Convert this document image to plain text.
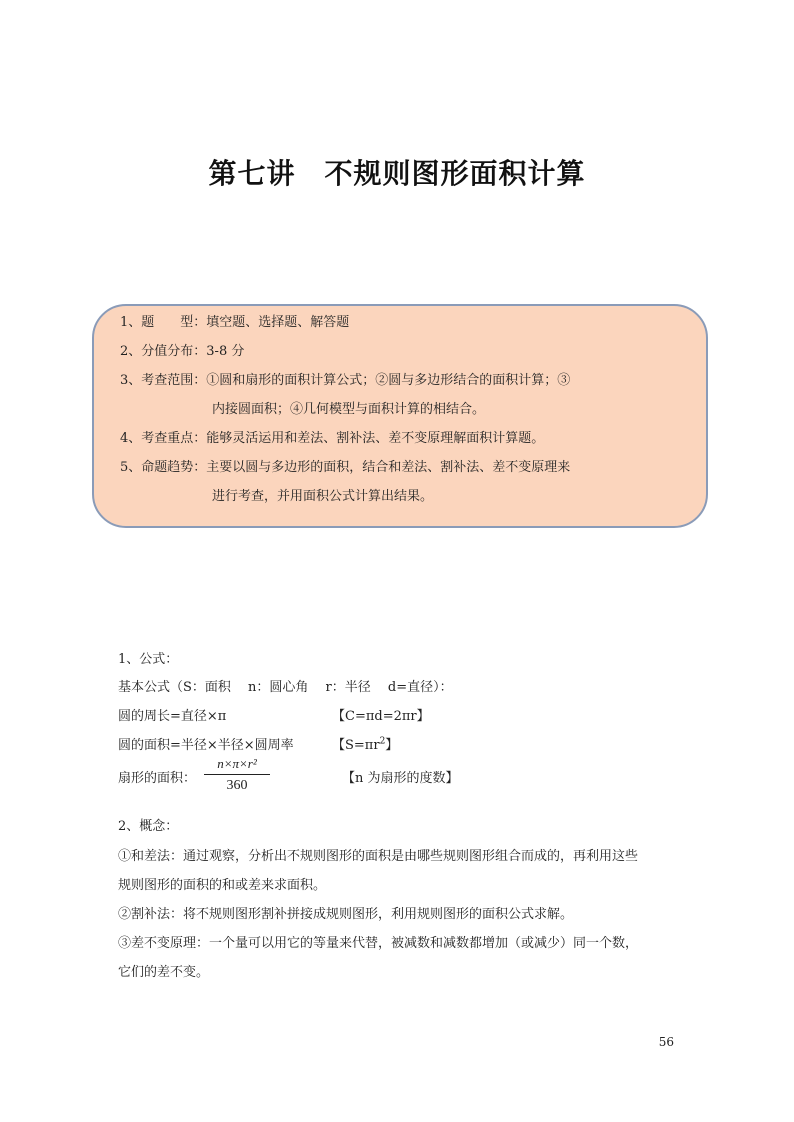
第七讲　不规则图形面积计算
1、题　　型：填空题、选择题、解答题
2、分值分布：3-8 分
3、考查范围：①圆和扇形的面积计算公式；②圆与多边形结合的面积计算；③
内接圆面积；④几何模型与面积计算的相结合。
4、考查重点：能够灵活运用和差法、割补法、差不变原理解面积计算题。
5、命题趋势：主要以圆与多边形的面积，结合和差法、割补法、差不变原理来
进行考查，并用面积公式计算出结果。
1、公式：
基本公式（S：面积　 n：圆心角　 r：半径　 d=直径）：
圆的周长=直径×π	【C=πd=2πr】
圆的面积=半径×半径×圆周率	【$S=\pi r^2$】
扇形的面积： $\frac{\text{n×π×r²}}{360}$	【n 为扇形的度数】
2、概念：
①和差法：通过观察，分析出不规则图形的面积是由哪些规则图形组合而成的，再利用这些
规则图形的面积的和或差来求面积。
②割补法：将不规则图形割补拼接成规则图形，利用规则图形的面积公式求解。
③差不变原理：一个量可以用它的等量来代替，被减数和减数都增加（或减少）同一个数，
它们的差不变。
56
